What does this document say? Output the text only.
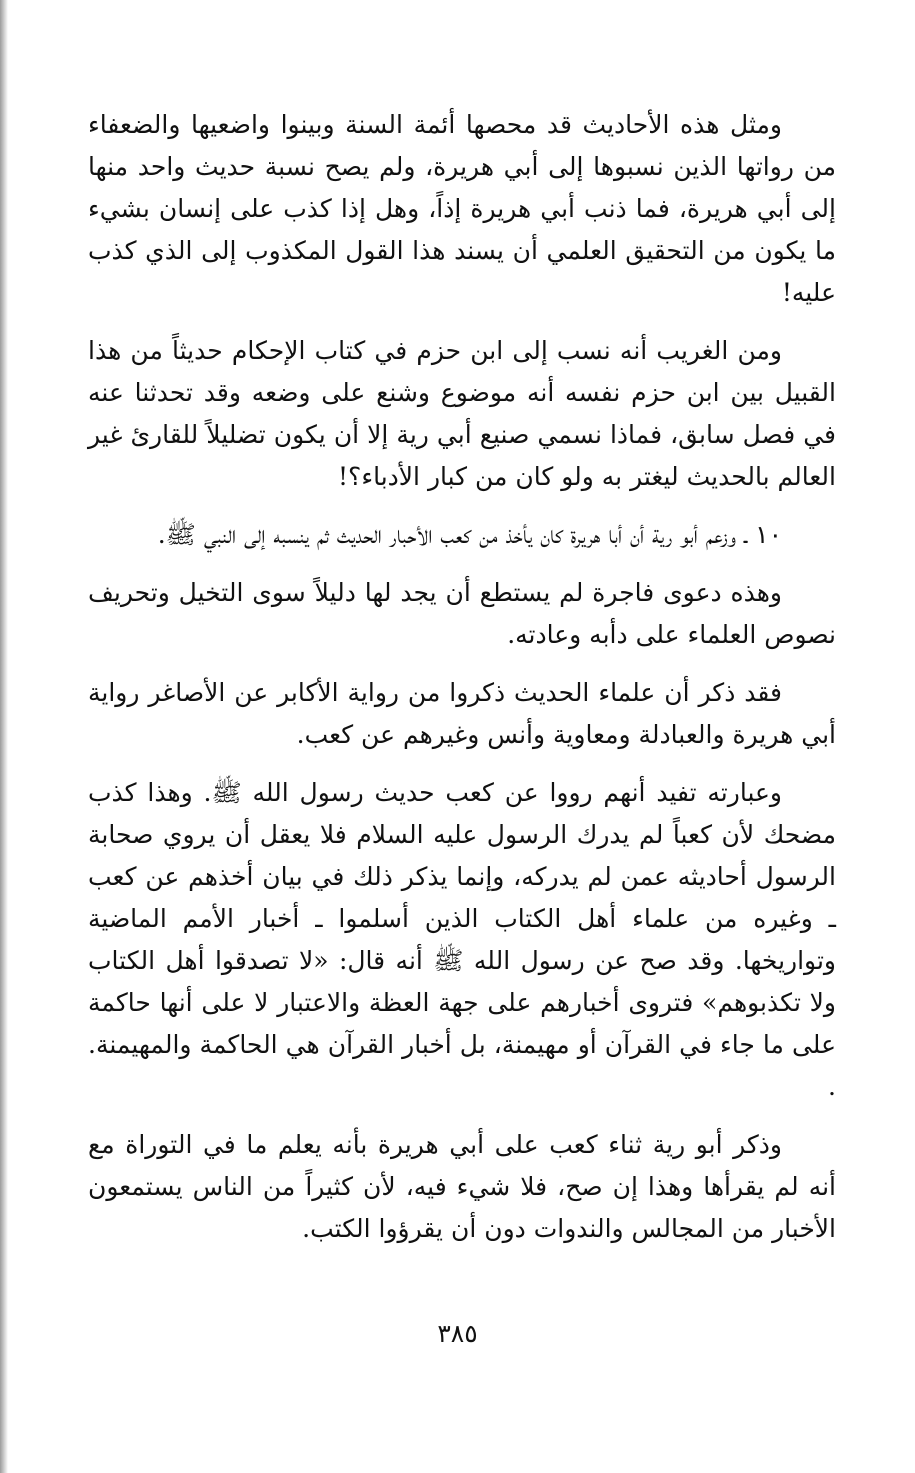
ومثل هذه الأحاديث قد محصها أئمة السنة وبينوا واضعيها والضعفاء من رواتها الذين نسبوها إلى أبي هريرة، ولم يصح نسبة حديث واحد منها إلى أبي هريرة، فما ذنب أبي هريرة إذاً، وهل إذا كذب على إنسان بشيء ما يكون من التحقيق العلمي أن يسند هذا القول المكذوب إلى الذي كذب عليه!

ومن الغريب أنه نسب إلى ابن حزم في كتاب الإحكام حديثاً من هذا القبيل بين ابن حزم نفسه أنه موضوع وشنع على وضعه وقد تحدثنا عنه في فصل سابق، فماذا نسمي صنيع أبي رية إلا أن يكون تضليلاً للقارئ غير العالم بالحديث ليغتر به ولو كان من كبار الأدباء؟!

١٠ ـ وزعم أبو رية أن أبا هريرة كان يأخذ من كعب الأحبار الحديث ثم ينسبه إلى النبي ﷺ.

وهذه دعوى فاجرة لم يستطع أن يجد لها دليلاً سوى التخيل وتحريف نصوص العلماء على دأبه وعادته.

فقد ذكر أن علماء الحديث ذكروا من رواية الأكابر عن الأصاغر رواية أبي هريرة والعبادلة ومعاوية وأنس وغيرهم عن كعب.

وعبارته تفيد أنهم رووا عن كعب حديث رسول الله ﷺ. وهذا كذب مضحك لأن كعباً لم يدرك الرسول عليه السلام فلا يعقل أن يروي صحابة الرسول أحاديثه عمن لم يدركه، وإنما يذكر ذلك في بيان أخذهم عن كعب ـ وغيره من علماء أهل الكتاب الذين أسلموا ـ أخبار الأمم الماضية وتواريخها. وقد صح عن رسول الله ﷺ أنه قال: «لا تصدقوا أهل الكتاب ولا تكذبوهم» فتروى أخبارهم على جهة العظة والاعتبار لا على أنها حاكمة على ما جاء في القرآن أو مهيمنة، بل أخبار القرآن هي الحاكمة والمهيمنة. .

وذكر أبو رية ثناء كعب على أبي هريرة بأنه يعلم ما في التوراة مع أنه لم يقرأها وهذا إن صح، فلا شيء فيه، لأن كثيراً من الناس يستمعون الأخبار من المجالس والندوات دون أن يقرؤوا الكتب.

٣٨٥
